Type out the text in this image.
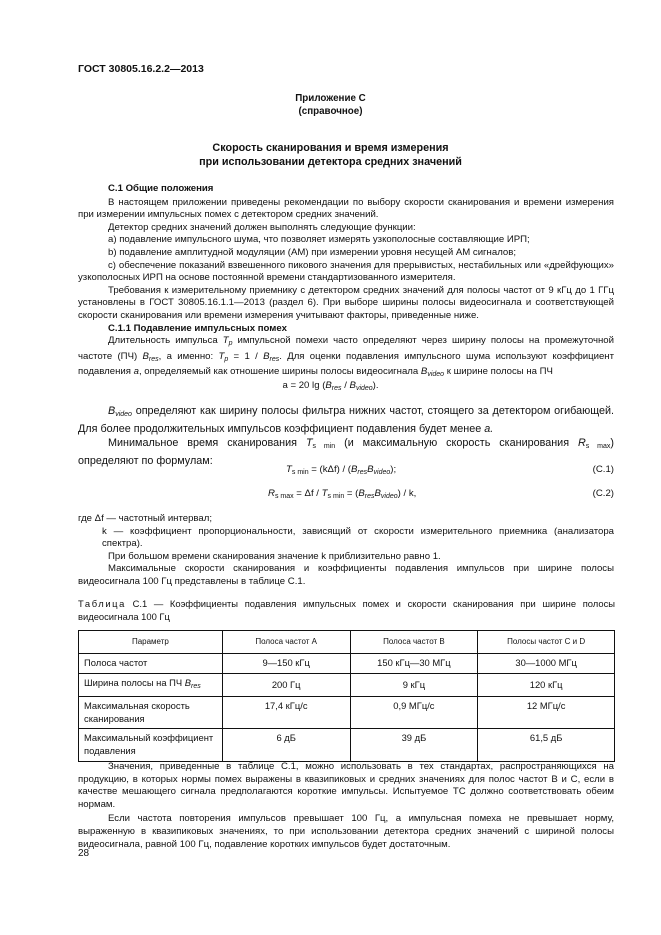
ГОСТ 30805.16.2.2—2013
Приложение С
(справочное)
Скорость сканирования и время измерения
при использовании детектора средних значений

С.1 Общие положения

В настоящем приложении приведены рекомендации по выбору скорости сканирования и времени измерения при измерении импульсных помех с детектором средних значений.

Детектор средних значений должен выполнять следующие функции:

а) подавление импульсного шума, что позволяет измерять узкополосные составляющие ИРП;

b) подавление амплитудной модуляции (АМ) при измерении уровня несущей АМ сигналов;

c) обеспечение показаний взвешенного пикового значения для прерывистых, нестабильных или «дрейфующих» узкополосных ИРП на основе постоянной времени стандартизованного измерителя.

Требования к измерительному приемнику с детектором средних значений для полосы частот от 9 кГц до 1 ГГц установлены в ГОСТ 30805.16.1.1—2013 (раздел 6). При выборе ширины полосы видеосигнала и соответствующей скорости сканирования или времени измерения учитывают факторы, приведенные ниже.

С.1.1 Подавление импульсных помех

Длительность импульса $T_p$ импульсной помехи часто определяют через ширину полосы на промежуточной частоте (ПЧ) $B_{res}$, а именно: $T_p = 1 / B_{res}$. Для оценки подавления импульсного шума используют коэффициент подавления a, определяемый как отношение ширины полосы видеосигнала $B_{video}$ к ширине полосы на ПЧ

a = 20 $\lg (B_{res} / B_{video})$.

$B_{video}$ определяют как ширину полосы фильтра нижних частот, стоящего за детектором огибающей. Для более продолжительных импульсов коэффициент подавления будет менее a.

Минимальное время сканирования Ts min (и максимальную скорость сканирования Rs max) определяют по формулам:

$T_{s min} = (k\Delta f) / (B_{res}B_{video})$;	(С.1)
$R_{s max} = \Delta f / T_{s min} = (B_{res}B_{video}) / k$,	(С.2)

где Δf — частотный интервал;

k — коэффициент пропорциональности, зависящий от скорости измерительного приемника (анализатора спектра).

При большом времени сканирования значение k приблизительно равно 1.

Максимальные скорости сканирования и коэффициенты подавления импульсов при ширине полосы видеосигнала 100 Гц представлены в таблице С.1.

Таблица С.1 — Коэффициенты подавления импульсных помех и скорости сканирования при ширине полосы видеосигнала 100 Гц
Параметр	Полоса частот А	Полоса частот В	Полосы частот С и D
Полоса частот	9—150 кГц	150 кГц—30 МГц	30—1000 МГц
Ширина полосы на ПЧ $B_{res}$	200 Гц	9 кГц	120 кГц
Максимальная скорость сканирования	17,4 кГц/с	0,9 МГц/с	12 МГц/с
Максимальный коэффициент подавления	6 дБ	39 дБ	61,5 дБ

Значения, приведенные в таблице С.1, можно использовать в тех стандартах, распространяющихся на продукцию, в которых нормы помех выражены в квазипиковых и средних значениях для полос частот В и С, если в качестве мешающего сигнала предполагаются короткие импульсы. Испытуемое ТС должно соответствовать обеим нормам.

Если частота повторения импульсов превышает 100 Гц, а импульсная помеха не превышает норму, выраженную в квазипиковых значениях, то при использовании детектора средних значений с шириной полосы видеосигнала, равной 100 Гц, подавление коротких импульсов будет достаточным.

28
